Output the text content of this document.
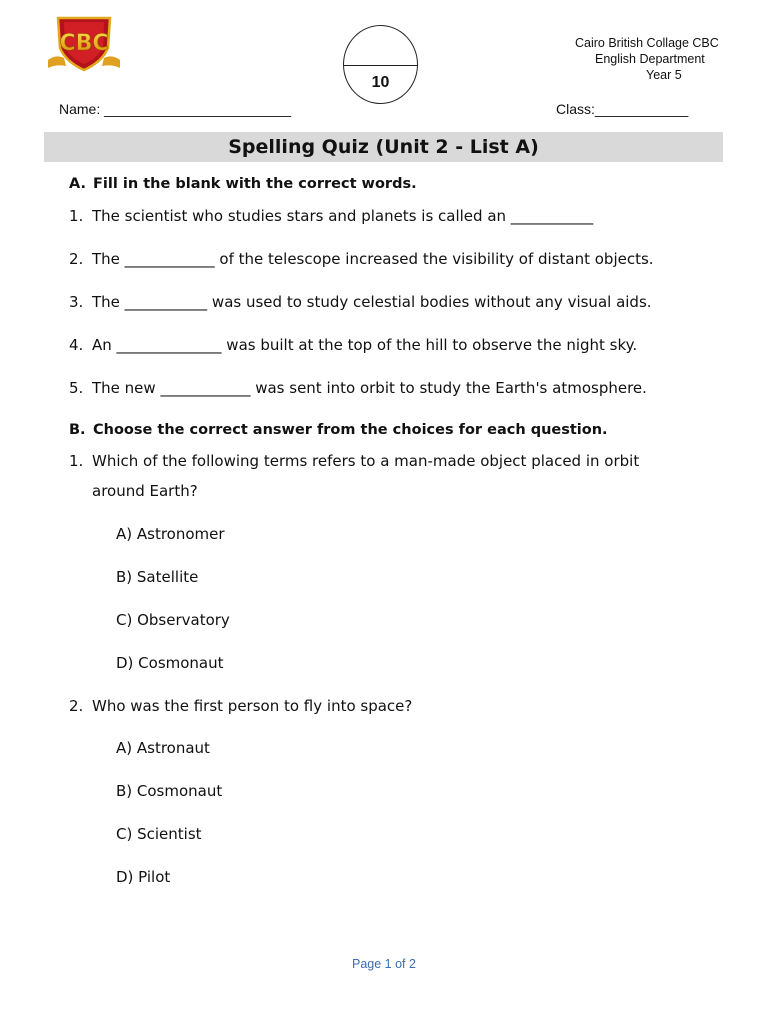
CBC
10
Cairo British Collage CBC
English Department
Year 5
Name: ________________________	Class:____________
Spelling Quiz (Unit 2 - List A)
A. Fill in the blank with the correct words.
1. The scientist who studies stars and planets is called an ___________
2. The ____________ of the telescope increased the visibility of distant objects.
3. The ___________ was used to study celestial bodies without any visual aids.
4. An ______________ was built at the top of the hill to observe the night sky.
5. The new ____________ was sent into orbit to study the Earth's atmosphere.
B. Choose the correct answer from the choices for each question.
1. Which of the following terms refers to a man-made object placed in orbit
around Earth?
A) Astronomer
B) Satellite
C) Observatory
D) Cosmonaut
2. Who was the first person to fly into space?
A) Astronaut
B) Cosmonaut
C) Scientist
D) Pilot
Page 1 of 2
